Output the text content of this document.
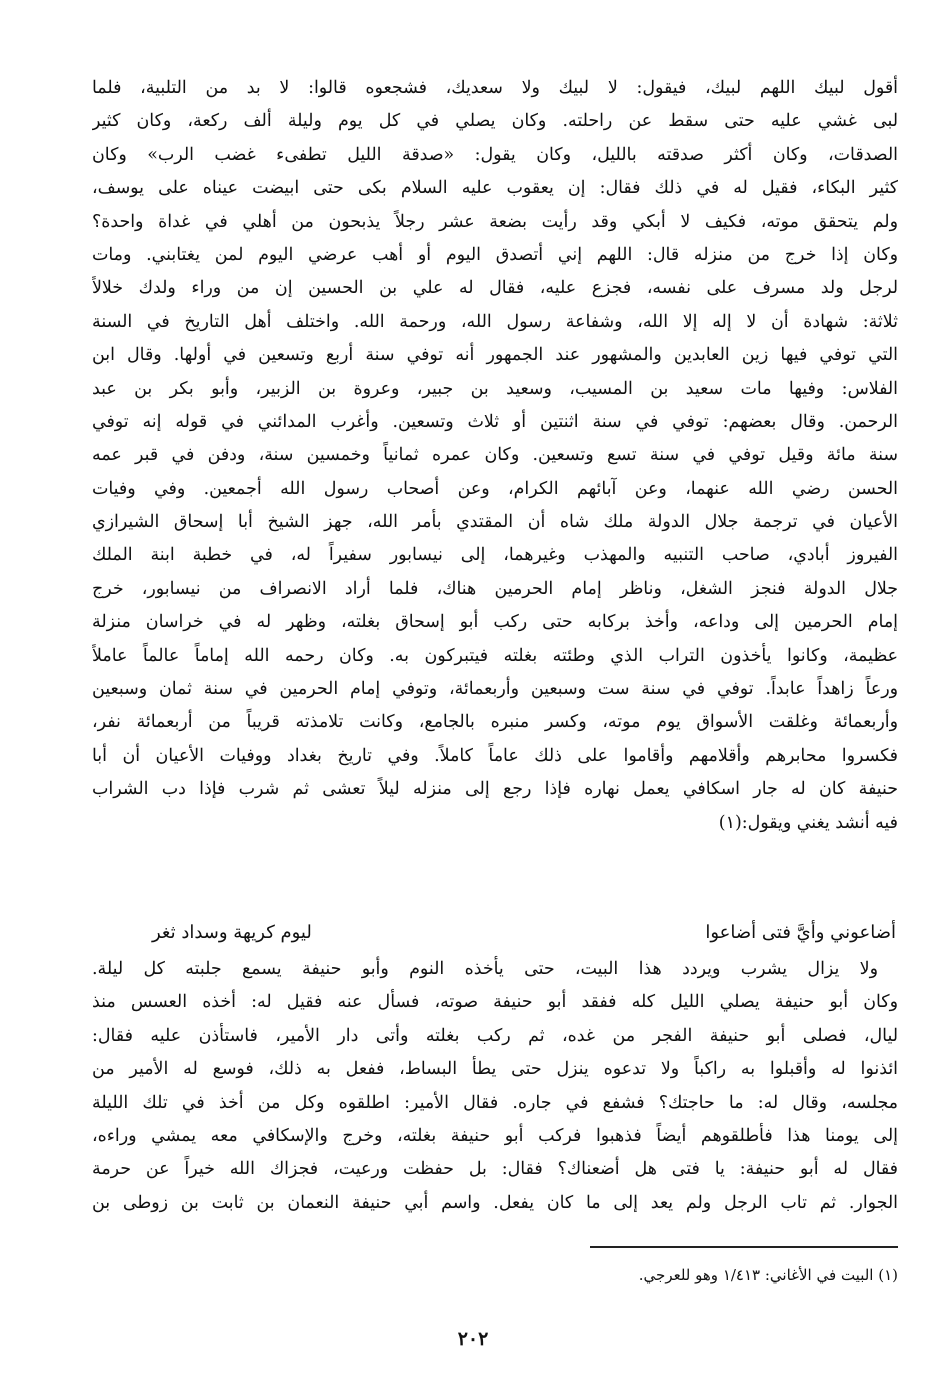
أقول لبيك اللهم لبيك، فيقول: لا لبيك ولا سعديك، فشجعوه قالوا: لا بد من التلبية، فلما
لبى غشي عليه حتى سقط عن راحلته. وكان يصلي في كل يوم وليلة ألف ركعة، وكان كثير
الصدقات، وكان أكثر صدقته بالليل، وكان يقول: «صدقة الليل تطفىء غضب الرب» وكان
كثير البكاء، فقيل له في ذلك فقال: إن يعقوب عليه السلام بكى حتى ابيضت عيناه على يوسف،
ولم يتحقق موته، فكيف لا أبكي وقد رأيت بضعة عشر رجلاً يذبحون من أهلي في غداة واحدة؟
وكان إذا خرج من منزله قال: اللهم إني أتصدق اليوم أو أهب عرضي اليوم لمن يغتابني. ومات
لرجل ولد مسرف على نفسه، فجزع عليه، فقال له علي بن الحسين إن من وراء ولدك خلالاً
ثلاثة: شهادة أن لا إله إلا الله، وشفاعة رسول الله، ورحمة الله. واختلف أهل التاريخ في السنة
التي توفي فيها زين العابدين والمشهور عند الجمهور أنه توفي سنة أربع وتسعين في أولها. وقال ابن
الفلاس: وفيها مات سعيد بن المسيب، وسعيد بن جبير، وعروة بن الزبير، وأبو بكر بن عبد
الرحمن. وقال بعضهم: توفي في سنة اثنتين أو ثلاث وتسعين. وأغرب المدائني في قوله إنه توفي
سنة مائة وقيل توفي في سنة تسع وتسعين. وكان عمره ثمانياً وخمسين سنة، ودفن في قبر عمه
الحسن رضي الله عنهما، وعن آبائهم الكرام، وعن أصحاب رسول الله أجمعين. وفي وفيات
الأعيان في ترجمة جلال الدولة ملك شاه أن المقتدي بأمر الله، جهز الشيخ أبا إسحاق الشيرازي
الفيروز أبادي، صاحب التنبيه والمهذب وغيرهما، إلى نيسابور سفيراً له، في خطبة ابنة الملك
جلال الدولة فنجز الشغل، وناظر إمام الحرمين هناك، فلما أراد الانصراف من نيسابور، خرج
إمام الحرمين إلى وداعه، وأخذ بركابه حتى ركب أبو إسحاق بغلته، وظهر له في خراسان منزلة
عظيمة، وكانوا يأخذون التراب الذي وطئته بغلته فيتبركون به. وكان رحمه الله إماماً عالماً عاملاً
ورعاً زاهداً عابداً. توفي في سنة ست وسبعين وأربعمائة، وتوفي إمام الحرمين في سنة ثمان وسبعين
وأربعمائة وغلقت الأسواق يوم موته، وكسر منبره بالجامع، وكانت تلامذته قريباً من أربعمائة نفر،
فكسروا محابرهم وأقلامهم وأقاموا على ذلك عاماً كاملاً. وفي تاريخ بغداد ووفيات الأعيان أن أبا
حنيفة كان له جار اسكافي يعمل نهاره فإذا رجع إلى منزله ليلاً تعشى ثم شرب فإذا دب الشراب
فيه أنشد يغني ويقول:(١)
أضاعوني وأيَّ فتى أضاعوا
ليوم كريهة وسداد ثغر
ولا يزال يشرب ويردد هذا البيت، حتى يأخذه النوم وأبو حنيفة يسمع جلبته كل ليلة.
وكان أبو حنيفة يصلي الليل كله ففقد أبو حنيفة صوته، فسأل عنه فقيل له: أخذه العسس منذ
ليال، فصلى أبو حنيفة الفجر من غده، ثم ركب بغلته وأتى دار الأمير، فاستأذن عليه فقال:
ائذنوا له وأقبلوا به راكباً ولا تدعوه ينزل حتى يطأ البساط، ففعل به ذلك، فوسع له الأمير من
مجلسه، وقال له: ما حاجتك؟ فشفع في جاره. فقال الأمير: اطلقوه وكل من أخذ في تلك الليلة
إلى يومنا هذا فأطلقوهم أيضاً فذهبوا فركب أبو حنيفة بغلته، وخرج والإسكافي معه يمشي وراءه،
فقال له أبو حنيفة: يا فتى هل أضعناك؟ فقال: بل حفظت ورعيت، فجزاك الله خيراً عن حرمة
الجوار. ثم تاب الرجل ولم يعد إلى ما كان يفعل. واسم أبي حنيفة النعمان بن ثابت بن زوطى بن
(١) البيت في الأغاني: ١/٤١٣ وهو للعرجي.
٢٠٢
